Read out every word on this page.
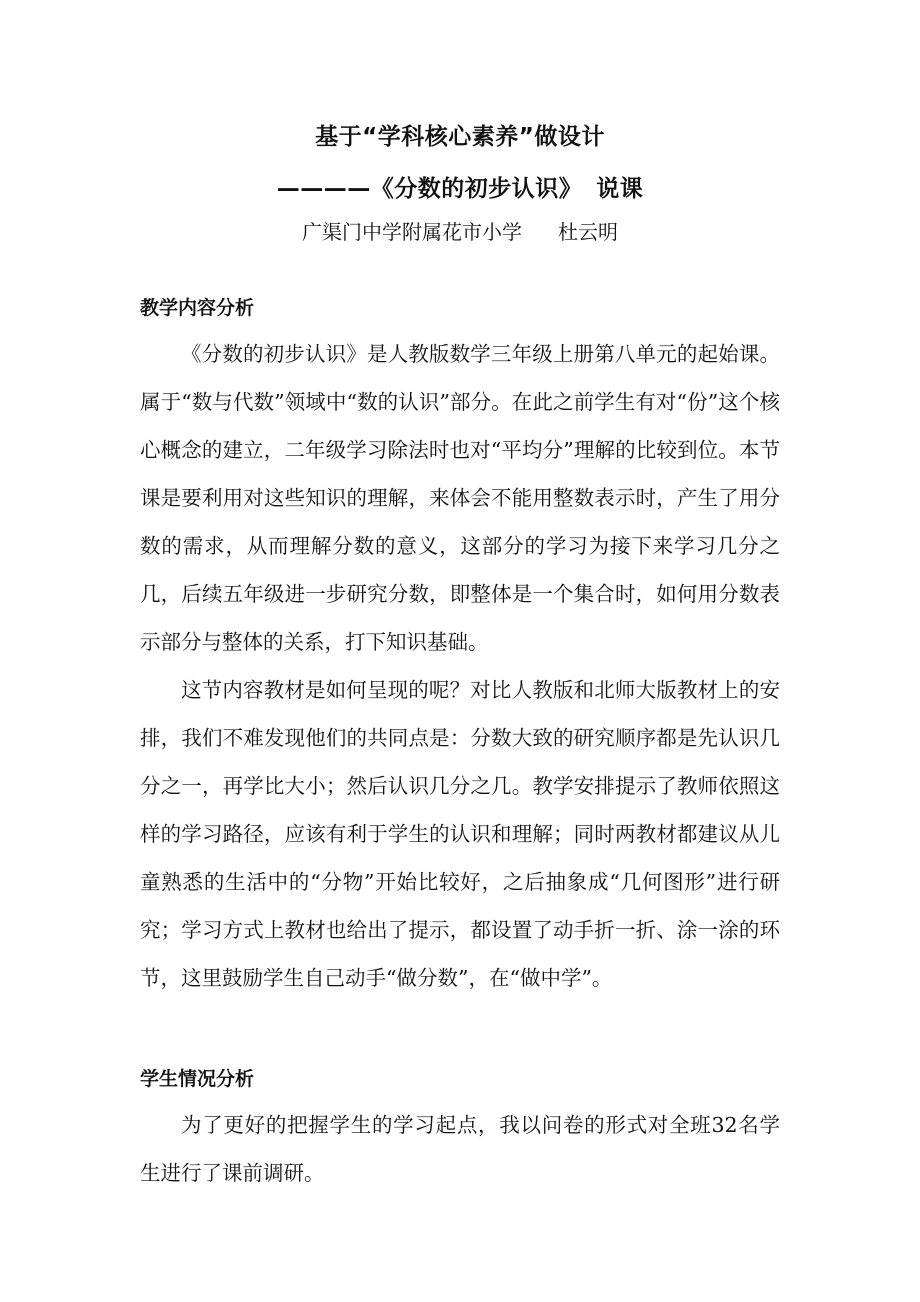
基于“学科核心素养”做设计
————《分数的初步认识》 说课
广渠门中学附属花市小学 杜云明
教学内容分析

《分数的初步认识》是人教版数学三年级上册第八单元的起始课。属于“数与代数”领域中“数的认识”部分。在此之前学生有对“份”这个核心概念的建立，二年级学习除法时也对“平均分”理解的比较到位。本节课是要利用对这些知识的理解，来体会不能用整数表示时，产生了用分数的需求，从而理解分数的意义，这部分的学习为接下来学习几分之几，后续五年级进一步研究分数，即整体是一个集合时，如何用分数表示部分与整体的关系，打下知识基础。

这节内容教材是如何呈现的呢？对比人教版和北师大版教材上的安排，我们不难发现他们的共同点是：分数大致的研究顺序都是先认识几分之一，再学比大小；然后认识几分之几。教学安排提示了教师依照这样的学习路径，应该有利于学生的认识和理解；同时两教材都建议从儿童熟悉的生活中的“分物”开始比较好，之后抽象成“几何图形”进行研究；学习方式上教材也给出了提示，都设置了动手折一折、涂一涂的环节，这里鼓励学生自己动手“做分数”，在“做中学”。

学生情况分析

为了更好的把握学生的学习起点，我以问卷的形式对全班32名学生进行了课前调研。
